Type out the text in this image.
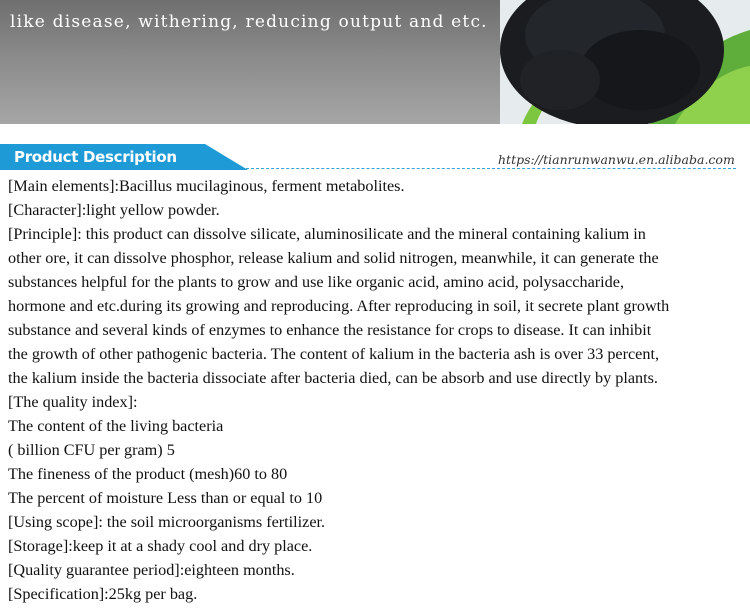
like disease, withering, reducing output and etc.
Product Description	https://tianrunwanwu.en.alibaba.com

[Main elements]:Bacillus mucilaginous, ferment metabolites.

[Character]:light yellow powder.

[Principle]: this product can dissolve silicate, aluminosilicate and the mineral containing kalium in

other ore, it can dissolve phosphor, release kalium and solid nitrogen, meanwhile, it can generate the

substances helpful for the plants to grow and use like organic acid, amino acid, polysaccharide,

hormone and etc.during its growing and reproducing. After reproducing in soil, it secrete plant growth

substance and several kinds of enzymes to enhance the resistance for crops to disease. It can inhibit

the growth of other pathogenic bacteria. The content of kalium in the bacteria ash is over 33 percent,

the kalium inside the bacteria dissociate after bacteria died, can be absorb and use directly by plants.

[The quality index]:

The content of the living bacteria

( billion CFU per gram) 5

The fineness of the product (mesh)60 to 80

The percent of moisture Less than or equal to 10

[Using scope]: the soil microorganisms fertilizer.

[Storage]:keep it at a shady cool and dry place.

[Quality guarantee period]:eighteen months.

[Specification]:25kg per bag.
